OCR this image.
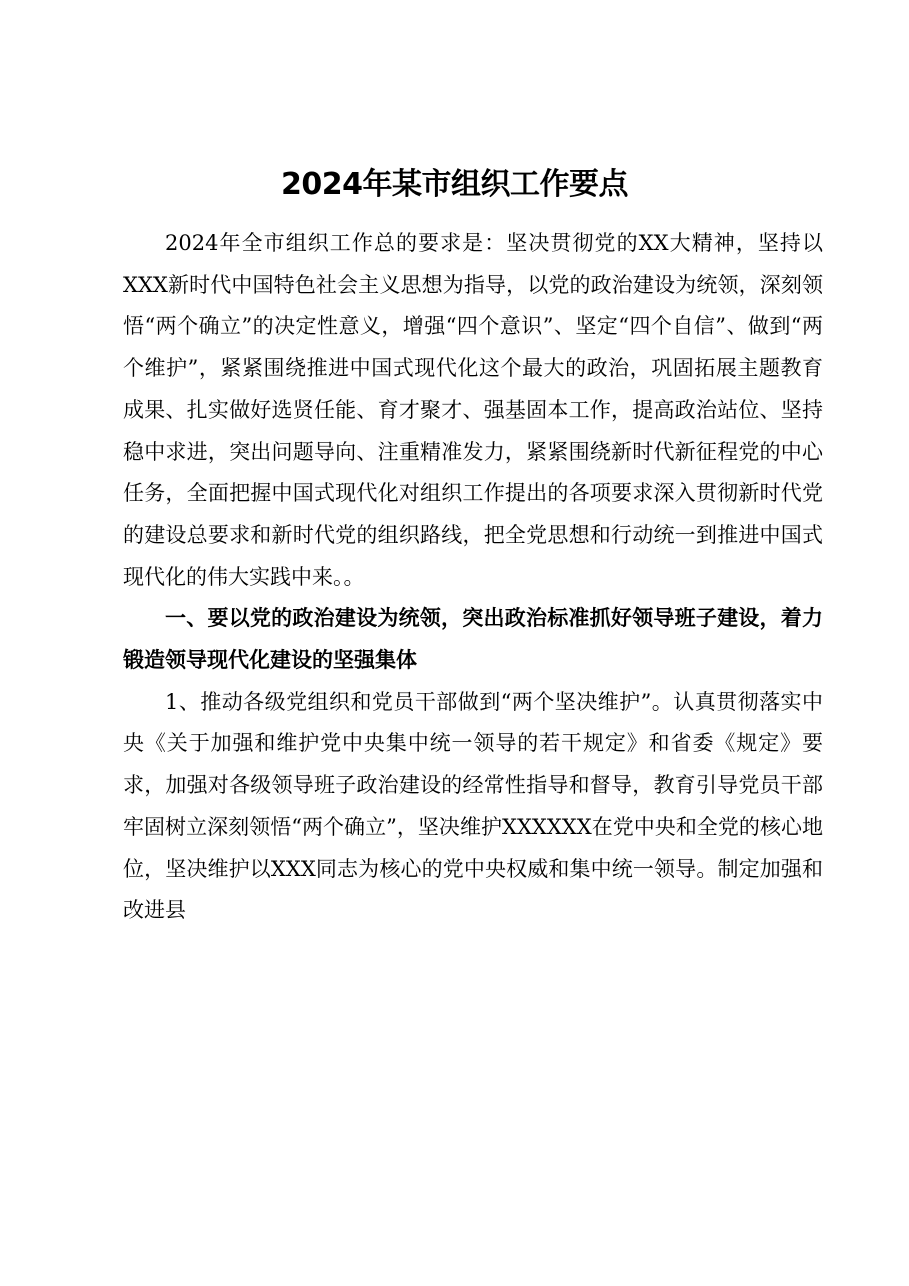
2024年某市组织工作要点

2024年全市组织工作总的要求是：坚决贯彻党的XX大精神，坚持以XXX新时代中国特色社会主义思想为指导，以党的政治建设为统领，深刻领悟“两个确立”的决定性意义，增强“四个意识”、坚定“四个自信”、做到“两个维护”，紧紧围绕推进中国式现代化这个最大的政治，巩固拓展主题教育成果、扎实做好选贤任能、育才聚才、强基固本工作，提高政治站位、坚持稳中求进，突出问题导向、注重精准发力，紧紧围绕新时代新征程党的中心任务，全面把握中国式现代化对组织工作提出的各项要求深入贯彻新时代党的建设总要求和新时代党的组织路线，把全党思想和行动统一到推进中国式现代化的伟大实践中来。。

一、要以党的政治建设为统领，突出政治标准抓好领导班子建设，着力锻造领导现代化建设的坚强集体

1、推动各级党组织和党员干部做到“两个坚决维护”。认真贯彻落实中央《关于加强和维护党中央集中统一领导的若干规定》和省委《规定》要求，加强对各级领导班子政治建设的经常性指导和督导，教育引导党员干部牢固树立深刻领悟“两个确立”，坚决维护XXXXXX在党中央和全党的核心地位，坚决维护以XXX同志为核心的党中央权威和集中统一领导。制定加强和改进县
